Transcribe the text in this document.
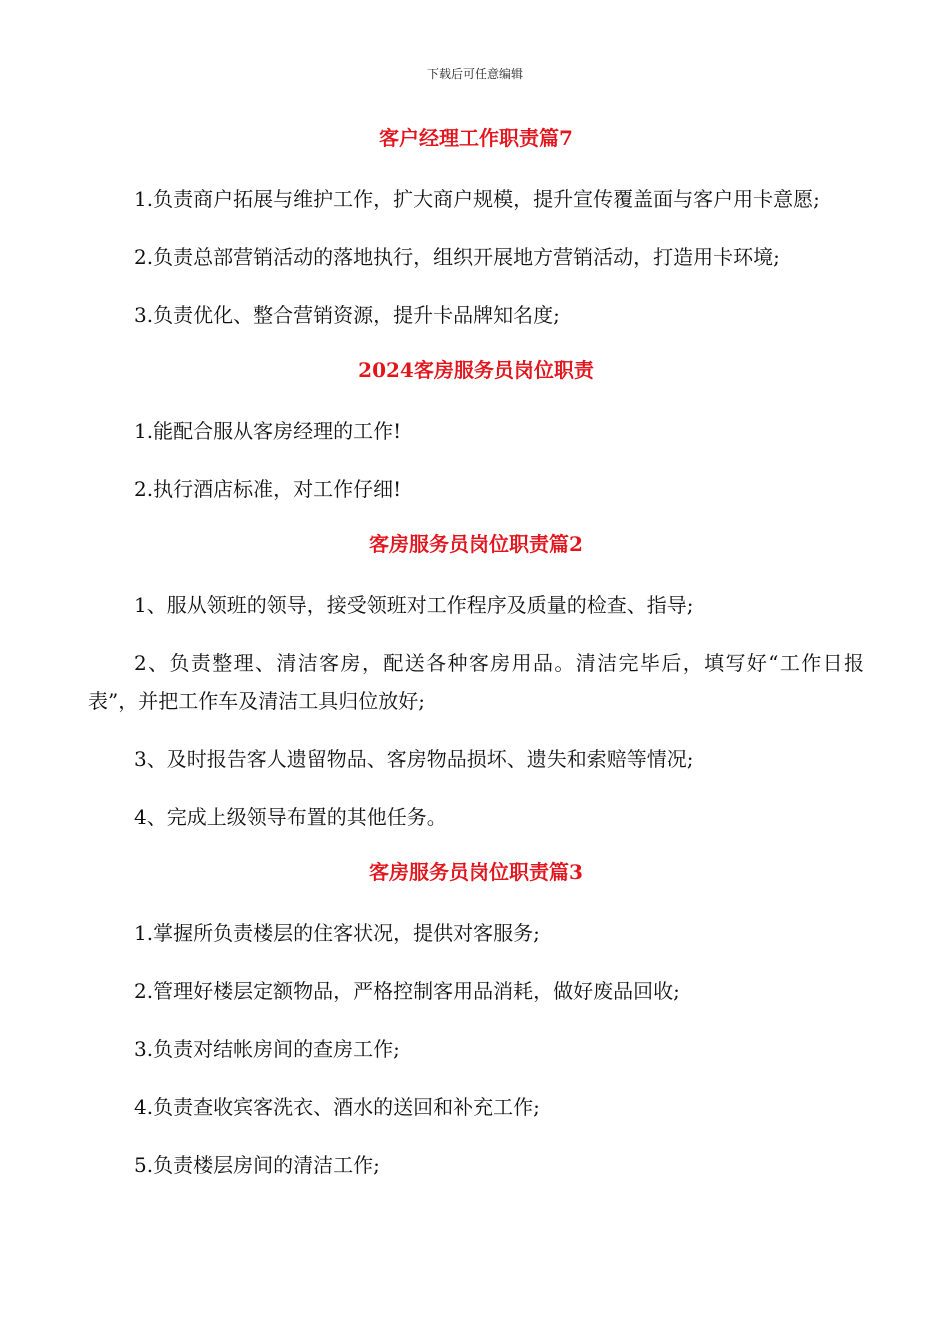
下载后可任意编辑
客户经理工作职责篇7
1.负责商户拓展与维护工作，扩大商户规模，提升宣传覆盖面与客户用卡意愿;
2.负责总部营销活动的落地执行，组织开展地方营销活动，打造用卡环境;
3.负责优化、整合营销资源，提升卡品牌知名度;
2024客房服务员岗位职责
1.能配合服从客房经理的工作!
2.执行酒店标准，对工作仔细!
客房服务员岗位职责篇2
1、服从领班的领导，接受领班对工作程序及质量的检查、指导;
2、负责整理、清洁客房，配送各种客房用品。清洁完毕后，填写好“工作日报表”，并把工作车及清洁工具归位放好;
3、及时报告客人遗留物品、客房物品损坏、遗失和索赔等情况;
4、完成上级领导布置的其他任务。
客房服务员岗位职责篇3
1.掌握所负责楼层的住客状况，提供对客服务;
2.管理好楼层定额物品，严格控制客用品消耗，做好废品回收;
3.负责对结帐房间的查房工作;
4.负责查收宾客洗衣、酒水的送回和补充工作;
5.负责楼层房间的清洁工作;
